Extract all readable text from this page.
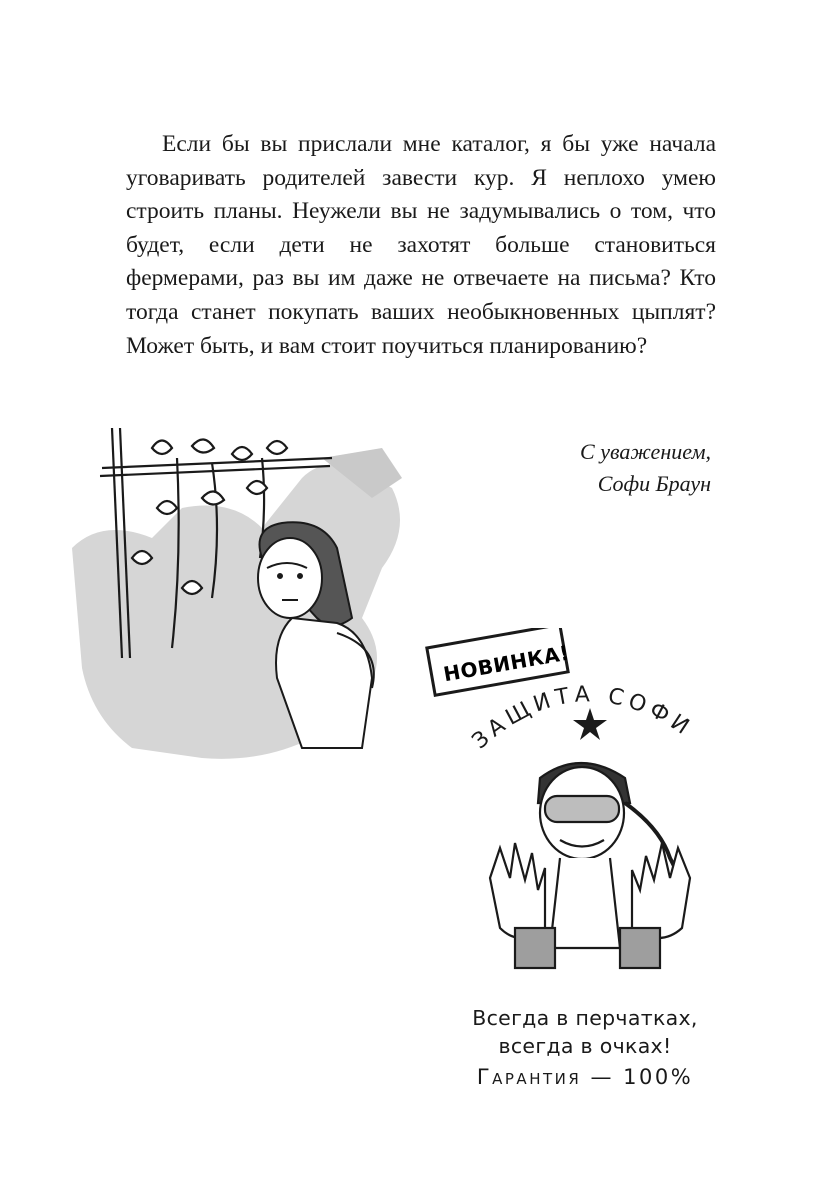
Если бы вы прислали мне каталог, я бы уже начала уговаривать родителей завести кур. Я неплохо умею строить планы. Неужели вы не задумывались о том, что будет, если дети не захотят больше становиться фермерами, раз вы им даже не отвечаете на письма? Кто тогда станет покупать ваших необыкновенных цыплят? Может быть, и вам стоит поучиться планированию?

С уважением,
Софи Браун
НОВИНКА!
ЗАЩИТА СОФИ
Всегда в перчатках,
всегда в очках!
Гарантия — 100%
